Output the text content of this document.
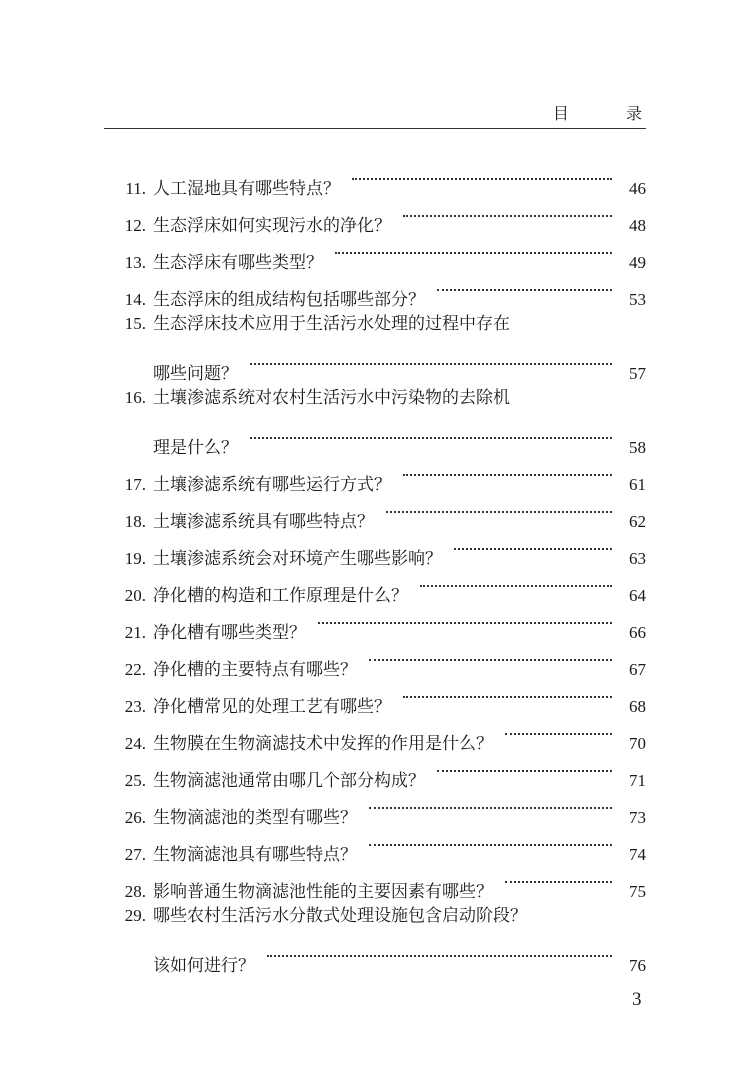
目 录
11. 人工湿地具有哪些特点？	46
12. 生态浮床如何实现污水的净化？	48
13. 生态浮床有哪些类型？	49
14. 生态浮床的组成结构包括哪些部分？	53
15. 生态浮床技术应用于生活污水处理的过程中存在
哪些问题？	57
16. 土壤渗滤系统对农村生活污水中污染物的去除机
理是什么？	58
17. 土壤渗滤系统有哪些运行方式？	61
18. 土壤渗滤系统具有哪些特点？	62
19. 土壤渗滤系统会对环境产生哪些影响？	63
20. 净化槽的构造和工作原理是什么？	64
21. 净化槽有哪些类型？	66
22. 净化槽的主要特点有哪些？	67
23. 净化槽常见的处理工艺有哪些？	68
24. 生物膜在生物滴滤技术中发挥的作用是什么？	70
25. 生物滴滤池通常由哪几个部分构成？	71
26. 生物滴滤池的类型有哪些？	73
27. 生物滴滤池具有哪些特点？	74
28. 影响普通生物滴滤池性能的主要因素有哪些？	75
29. 哪些农村生活污水分散式处理设施包含启动阶段？
该如何进行？	76
3
